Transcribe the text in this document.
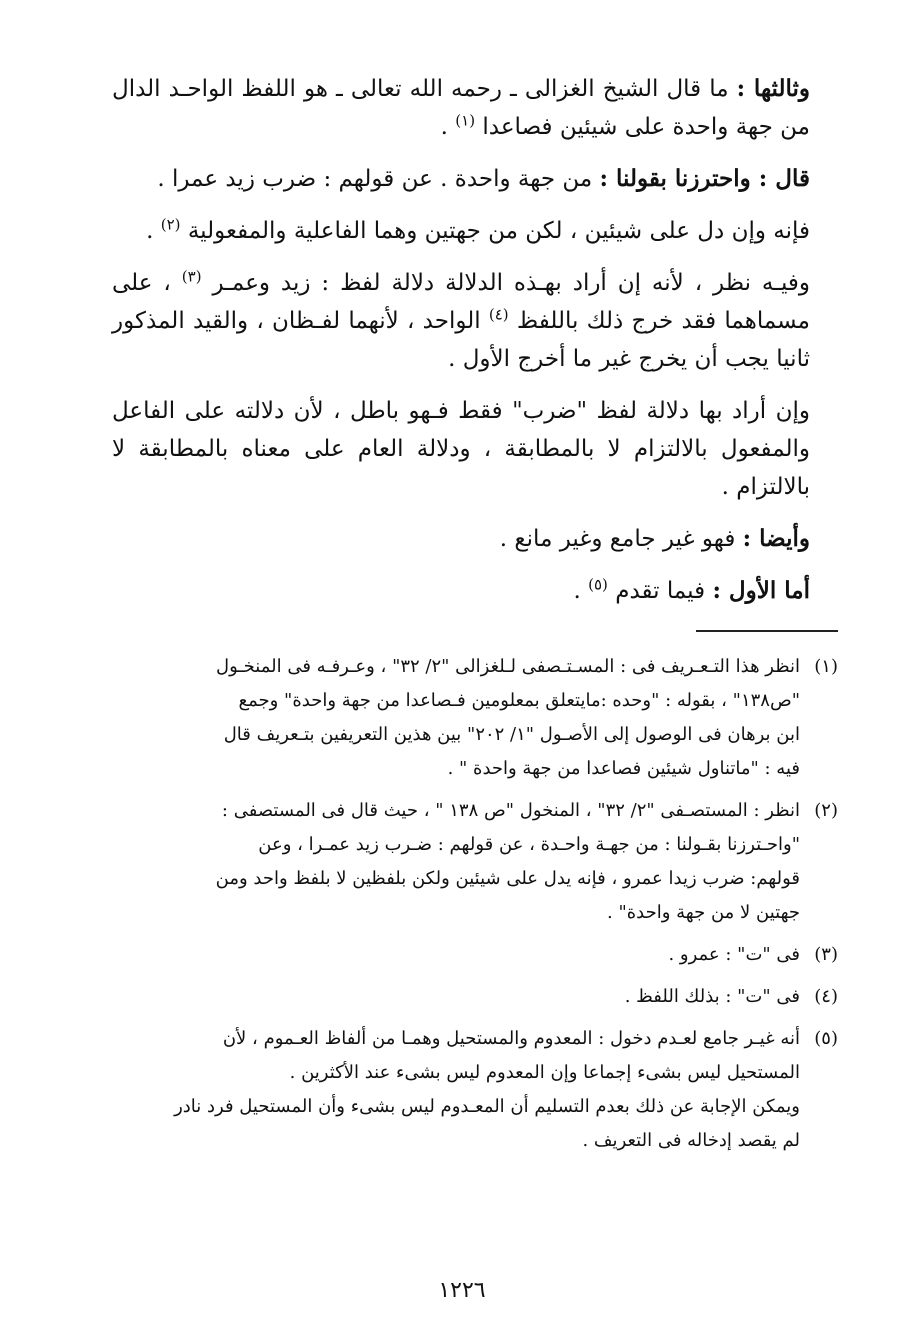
وثالثها : ما قال الشيخ الغزالى ـ رحمه الله تعالى ـ هو اللفظ الواحـد الدال من جهة واحدة على شيئين فصاعدا $^{(١)}$ .

قال : واحترزنا بقولنا : من جهة واحدة . عن قولهم : ضرب زيد عمرا .

فإنه وإن دل على شيئين ، لكن من جهتين وهما الفاعلية والمفعولية $^{(٢)}$ .

وفيـه نظر ، لأنه إن أراد بهـذه الدلالة دلالة لفظ : زيد وعمـر $^{(٣)}$ ، على مسماهما فقد خرج ذلك باللفظ $^{(٤)}$ الواحد ، لأنهما لفـظان ، والقيد المذكور ثانيا يجب أن يخرج غير ما أخرج الأول .

وإن أراد بها دلالة لفظ "ضرب" فقط فـهو باطل ، لأن دلالته على الفاعل والمفعول بالالتزام لا بالمطابقة ، ودلالة العام على معناه بالمطابقة لا بالالتزام .

وأيضا : فهو غير جامع وغير مانع .

أما الأول : فيما تقدم $^{(٥)}$ .

(١)
انظر هذا التـعـريف فى : المسـتـصفى لـلغزالى "٢/ ٣٢" ، وعـرفـه فى المنخـول
"ص١٣٨" ، بقوله : "وحده :مايتعلق بمعلومين فـصاعدا من جهة واحدة" وجمع
ابن برهان فى الوصول إلى الأصـول "١/ ٢٠٢" بين هذين التعريفين بتـعريف قال
فيه : "ماتناول شيئين فصاعدا من جهة واحدة " .
(٢)
انظر : المستصـفى "٢/ ٣٢" ، المنخول "ص ١٣٨ " ، حيث قال فى المستصفى :
"واحـترزنا بقـولنا : من جهـة واحـدة ، عن قولهم : ضـرب زيد عمـرا ، وعن
قولهم: ضرب زيدا عمرو ، فإنه يدل على شيئين ولكن بلفظين لا بلفظ واحد ومن
جهتين لا من جهة واحدة" .
(٣)
فى "ت" : عمرو .
(٤)
فى "ت" : بذلك اللفظ .
(٥)
أنه غيـر جامع لعـدم دخول : المعدوم والمستحيل وهمـا من ألفاظ العـموم ، لأن
المستحيل ليس بشىء إجماعا وإن المعدوم ليس بشىء عند الأكثرين .
ويمكن الإجابة عن ذلك بعدم التسليم أن المعـدوم ليس بشىء وأن المستحيل فرد نادر
لم يقصد إدخاله فى التعريف .
١٢٢٦
